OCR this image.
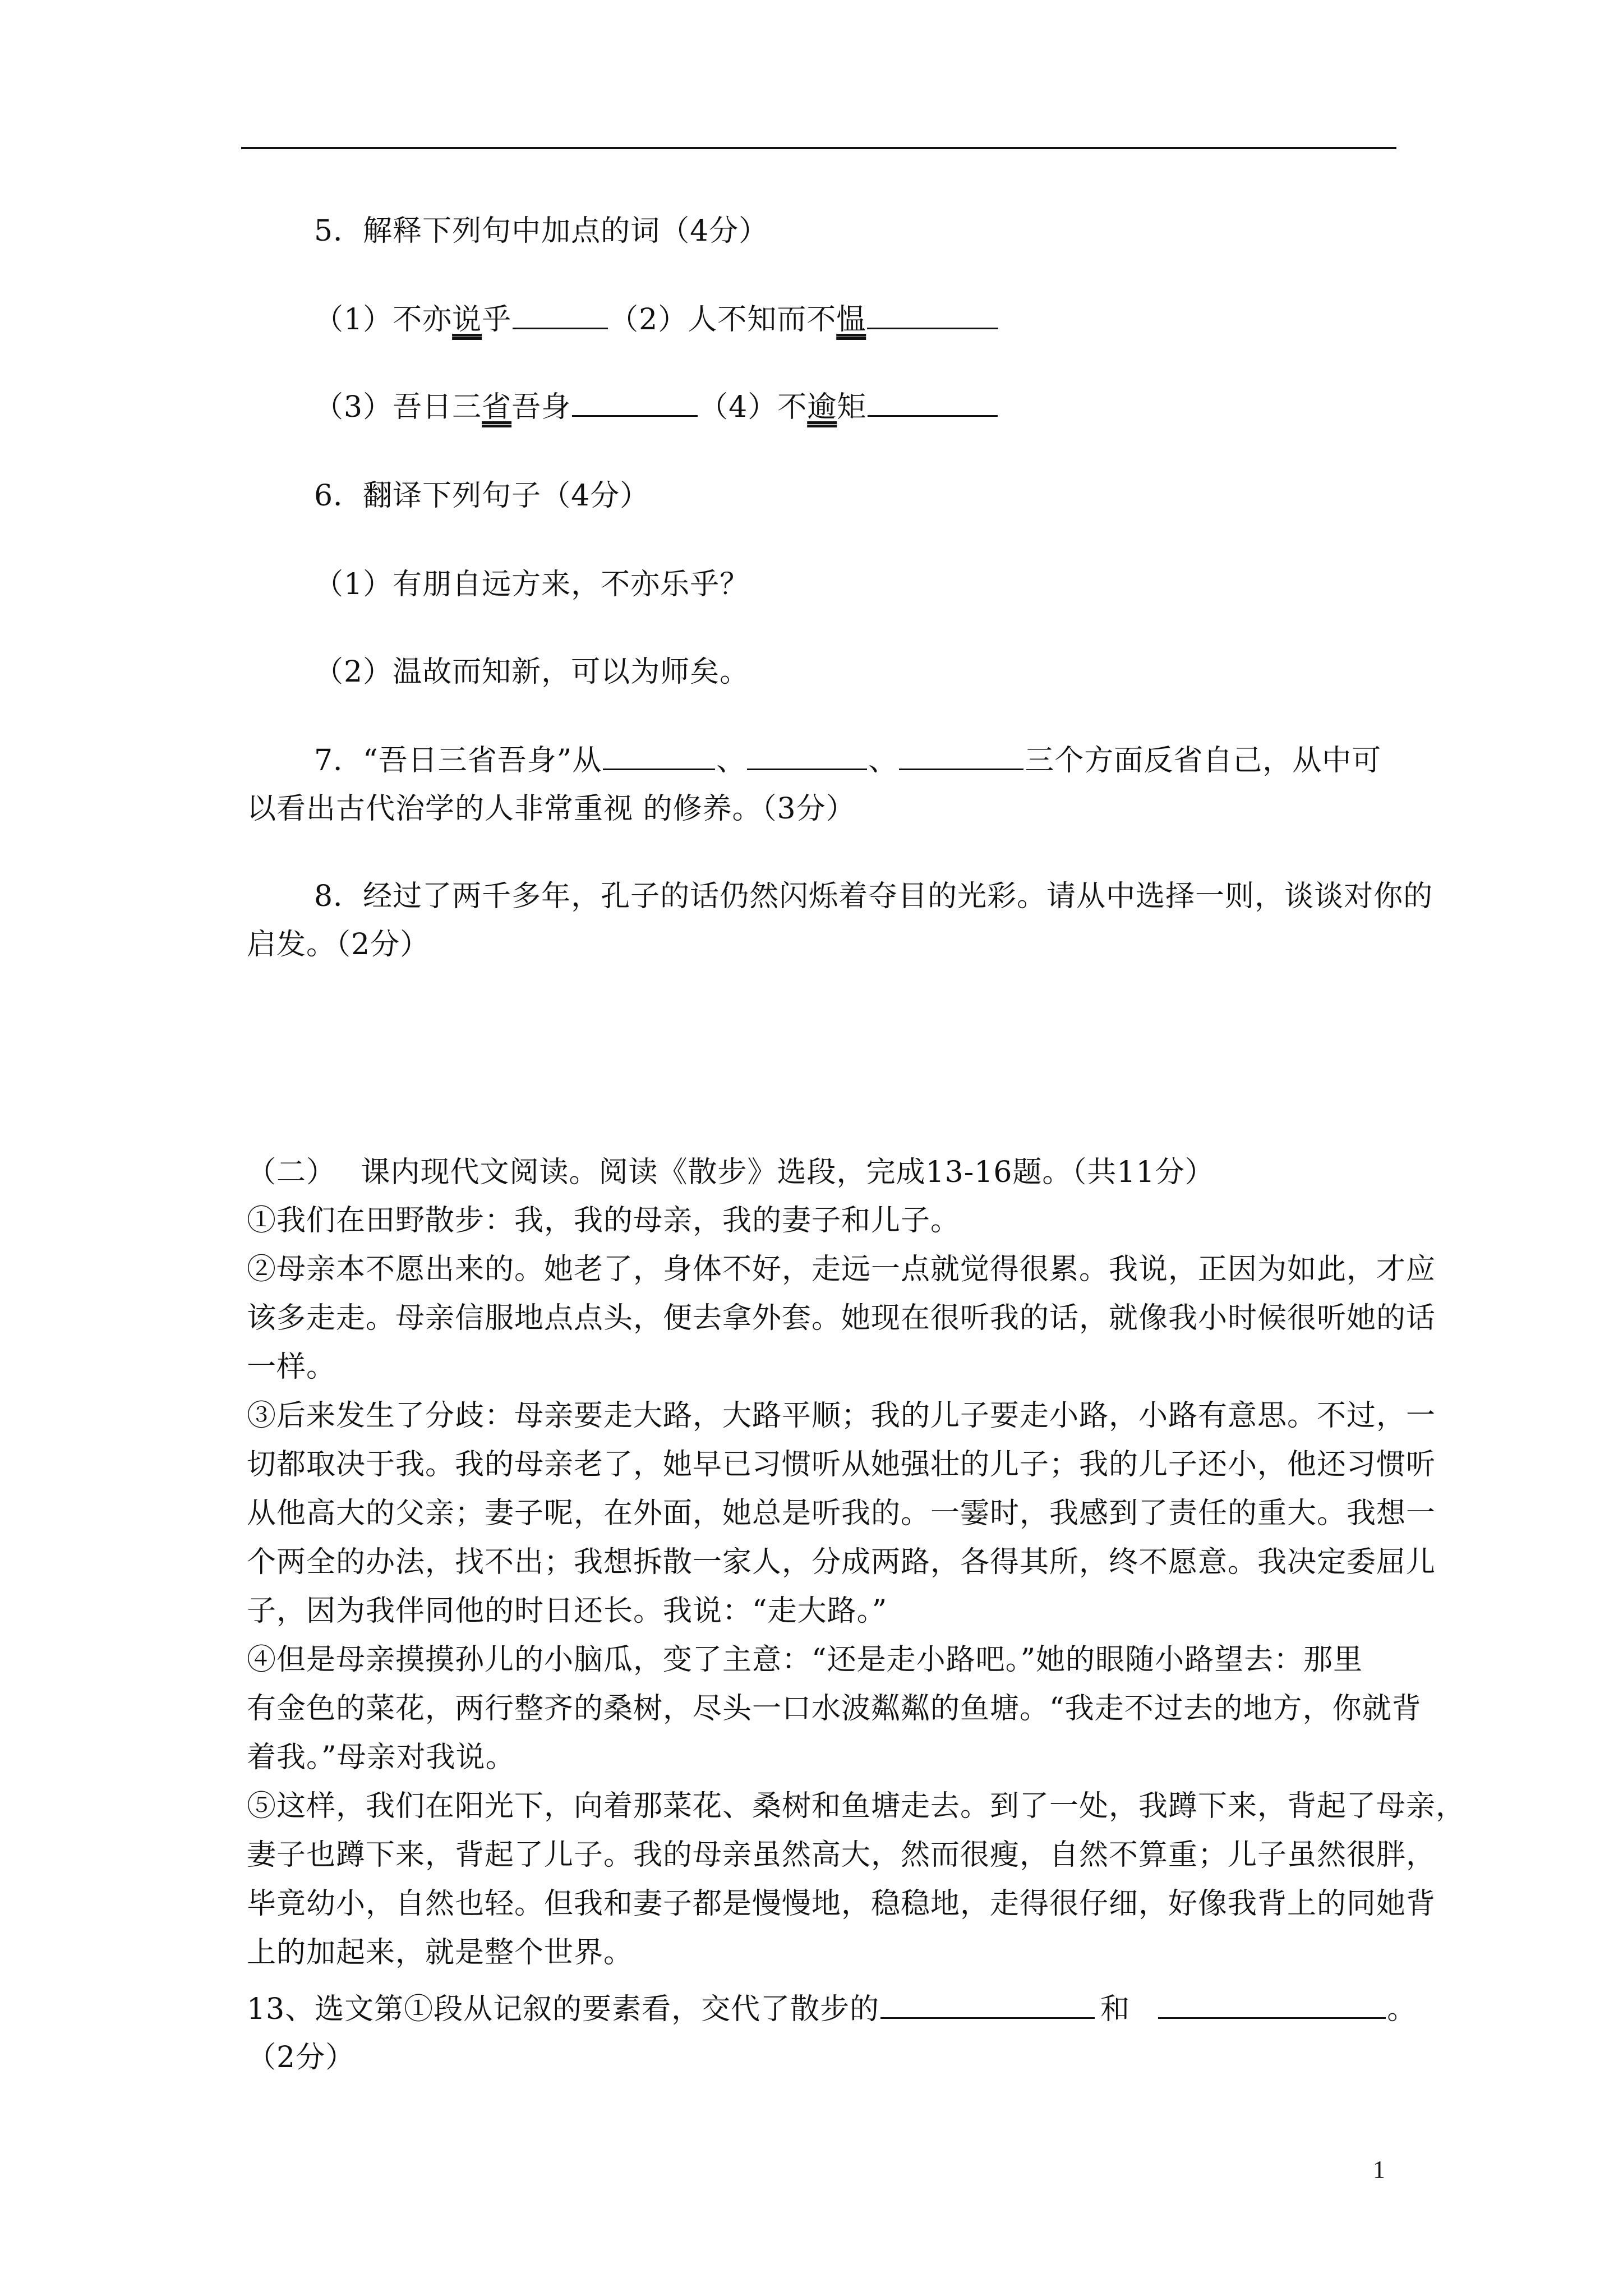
5．解释下列句中加点的词（4分）
（1）不亦说乎	（2）人不知而不愠
（3）吾日三省吾身	（4）不逾矩
6．翻译下列句子（4分）
（1）有朋自远方来，不亦乐乎？
（2）温故而知新，可以为师矣。
7．“吾日三省吾身”从	、	、	三个方面反省自己，从中可
以看出古代治学的人非常重视 的修养。（3分）
8．经过了两千多年，孔子的话仍然闪烁着夺目的光彩。请从中选择一则，谈谈对你的
启发。（2分）
（二）　 课内现代文阅读。阅读《散步》选段，完成13-16题。（共11分）
①我们在田野散步：我，我的母亲，我的妻子和儿子。
②母亲本不愿出来的。她老了，身体不好，走远一点就觉得很累。我说，正因为如此，才应
该多走走。母亲信服地点点头，便去拿外套。她现在很听我的话，就像我小时候很听她的话
一样。
③后来发生了分歧：母亲要走大路，大路平顺；我的儿子要走小路，小路有意思。不过，一
切都取决于我。我的母亲老了，她早已习惯听从她强壮的儿子；我的儿子还小，他还习惯听
从他高大的父亲；妻子呢，在外面，她总是听我的。一霎时，我感到了责任的重大。我想一
个两全的办法，找不出；我想拆散一家人，分成两路，各得其所，终不愿意。我决定委屈儿
子，因为我伴同他的时日还长。我说：“走大路。”
④但是母亲摸摸孙儿的小脑瓜，变了主意：“还是走小路吧。”她的眼随小路望去：那里
有金色的菜花，两行整齐的桑树，尽头一口水波粼粼的鱼塘。“我走不过去的地方，你就背
着我。”母亲对我说。
⑤这样，我们在阳光下，向着那菜花、桑树和鱼塘走去。到了一处，我蹲下来，背起了母亲，
妻子也蹲下来，背起了儿子。我的母亲虽然高大，然而很瘦，自然不算重；儿子虽然很胖，
毕竟幼小，自然也轻。但我和妻子都是慢慢地，稳稳地，走得很仔细，好像我背上的同她背
上的加起来，就是整个世界。
13、选文第①段从记叙的要素看，交代了散步的	和	。
（2分）
1
